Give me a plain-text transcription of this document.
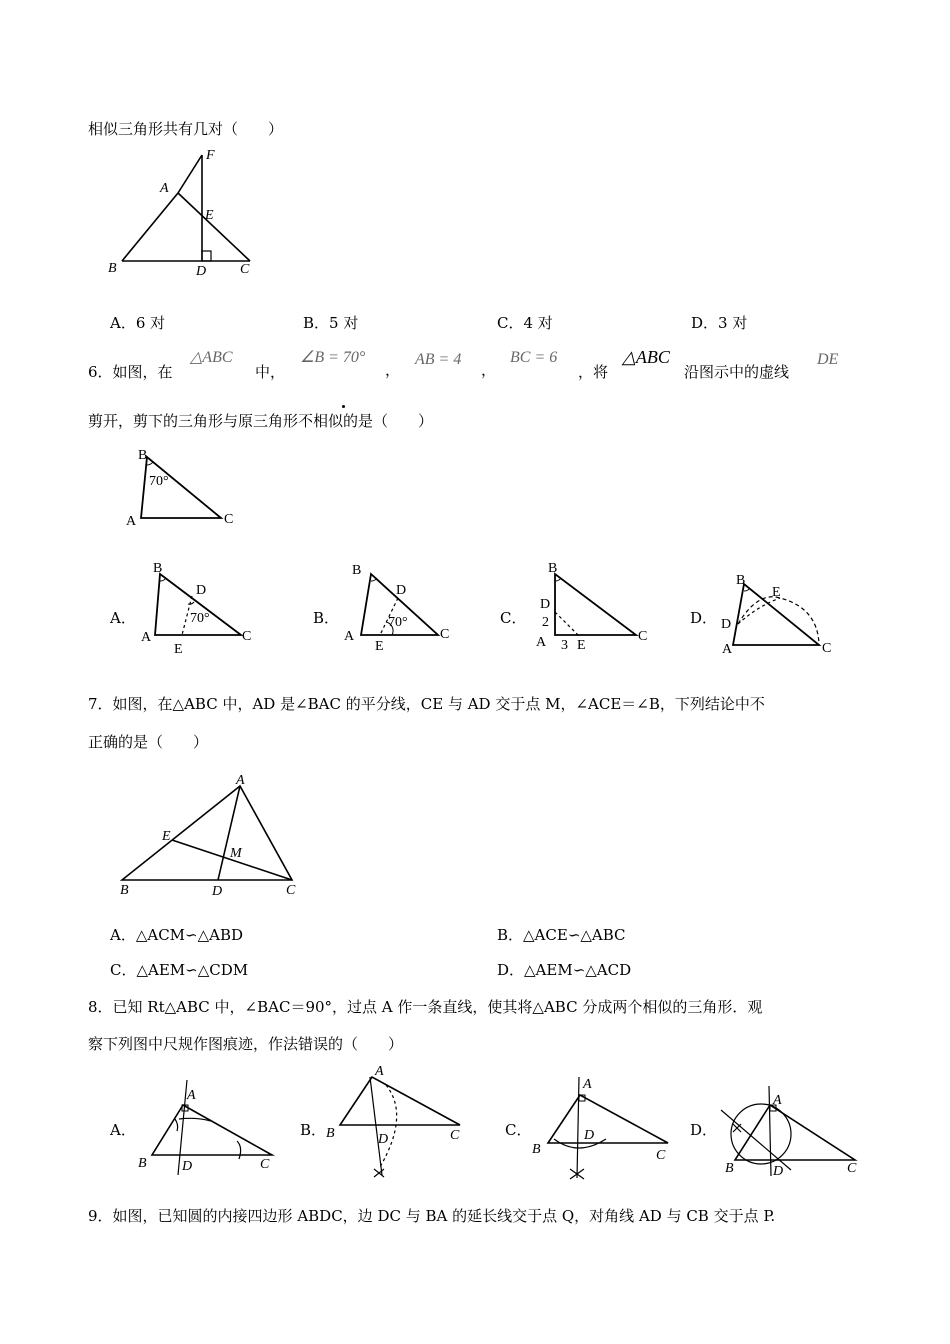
相似三角形共有几对（　　）
F
A
E
B	D C
A．6 对	B．5 对	C．4 对	D．3 对
6．如图，在
△ABC
中，
∠B = 70°
，
AB = 4
，
BC = 6
，将
△ABC
沿图示中的虚线
DE
剪开，剪下的三角形与原三角形不相似的是（　　）
B
70°
A	C
A．
B
D
70°
A
E
C
B．
B
D
70°
A
E
C
C．
B
D
2
A 3 E
C
D．
B
E
D
A	C
7．如图，在△ABC 中，AD 是∠BAC 的平分线，CE 与 AD 交于点 M，∠ACE＝∠B，下列结论中不
正确的是（　　）
A
E
M
B	D	C
A．△ACM∽△ABD	B．△ACE∽△ABC
C．△AEM∽△CDM	D．△AEM∽△ACD
8．已知 Rt△ABC 中，∠BAC＝90°，过点 A 作一条直线，使其将△ABC 分成两个相似的三角形．观
察下列图中尺规作图痕迹，作法错误的（　　）
A．
A
B	D	C
B．
A
B	D	C	C．
A
B
D
C
D．
A
B	D	C
9．如图，已知圆的内接四边形 ABDC，边 DC 与 BA 的延长线交于点 Q，对角线 AD 与 CB 交于点 P.
